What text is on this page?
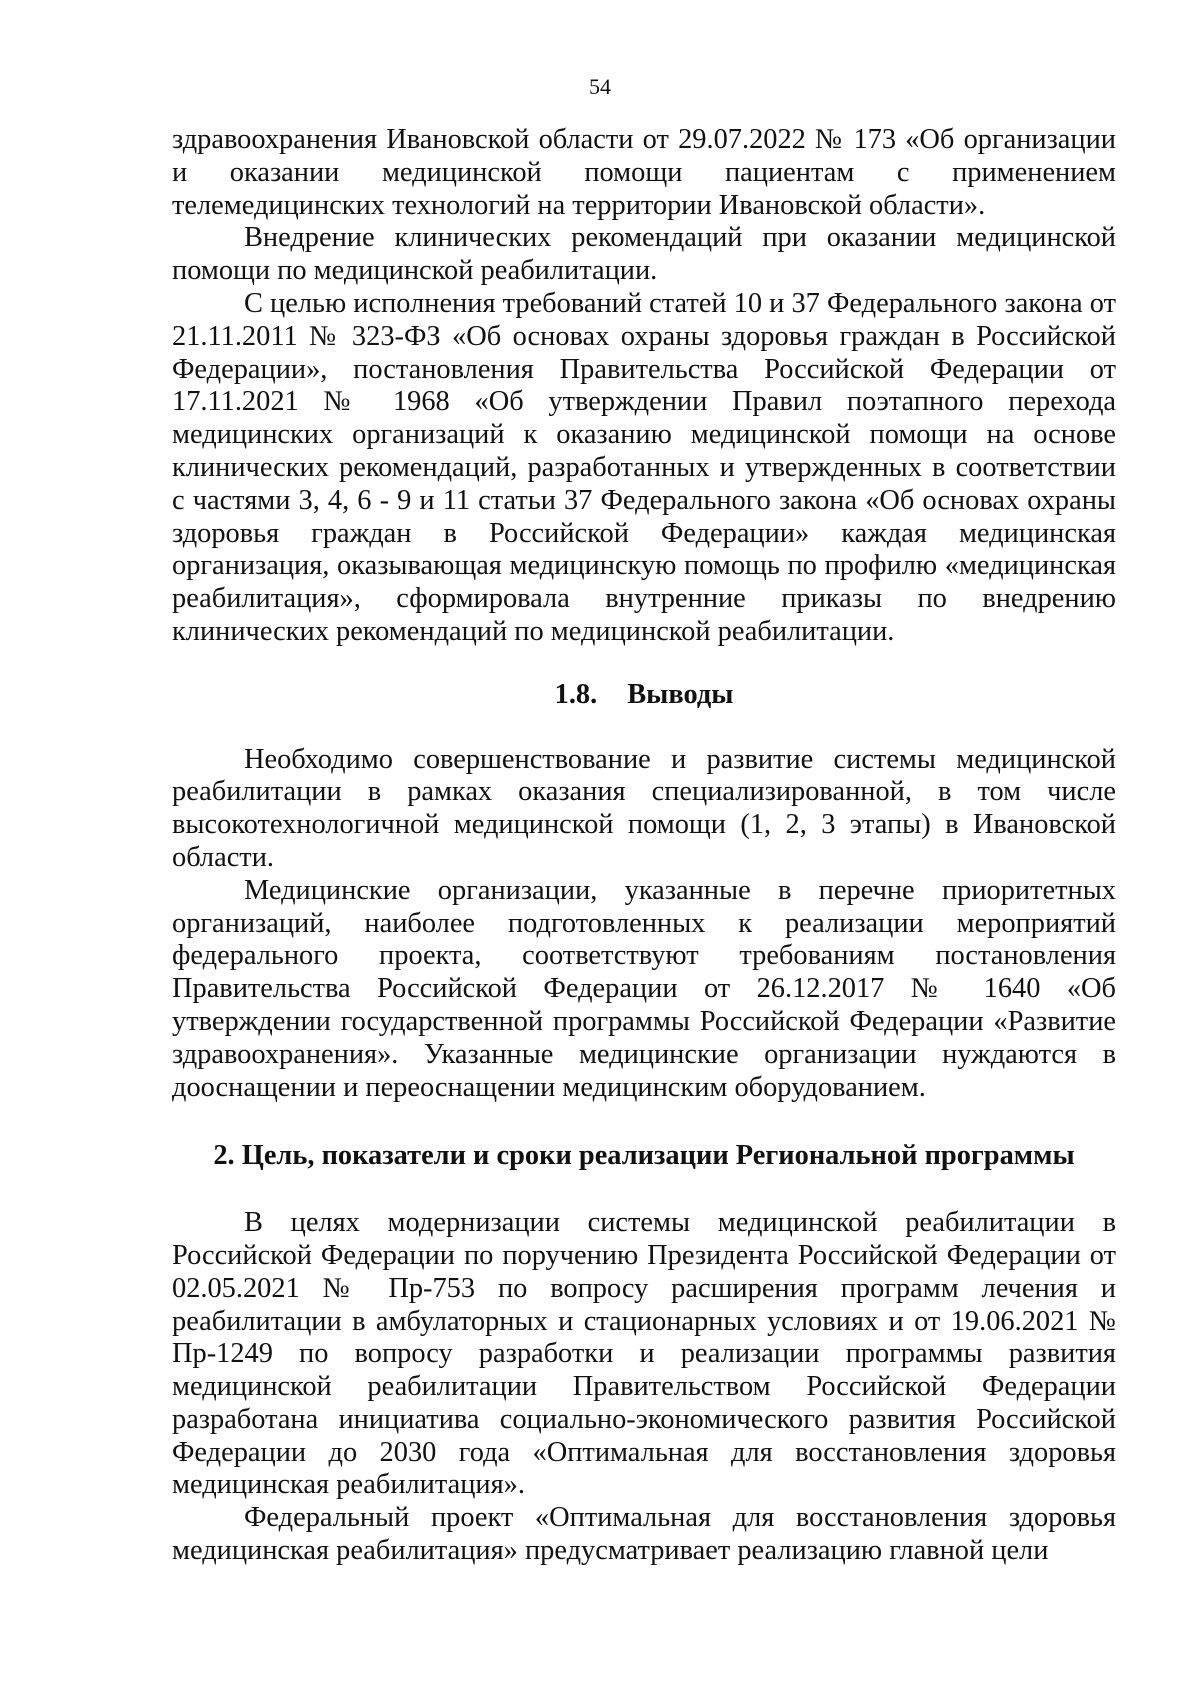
54

здравоохранения Ивановской области от 29.07.2022 № 173 «Об организации и оказании медицинской помощи пациентам с применением телемедицинских технологий на территории Ивановской области».

Внедрение клинических рекомендаций при оказании медицинской помощи по медицинской реабилитации.

С целью исполнения требований статей 10 и 37 Федерального закона от 21.11.2011 № 323-ФЗ «Об основах охраны здоровья граждан в Российской Федерации», постановления Правительства Российской Федерации от 17.11.2021 № 1968 «Об утверждении Правил поэтапного перехода медицинских организаций к оказанию медицинской помощи на основе клинических рекомендаций, разработанных и утвержденных в соответствии с частями 3, 4, 6 - 9 и 11 статьи 37 Федерального закона «Об основах охраны здоровья граждан в Российской Федерации» каждая медицинская организация, оказывающая медицинскую помощь по профилю «медицинская реабилитация», сформировала внутренние приказы по внедрению клинических рекомендаций по медицинской реабилитации.

1.8. Выводы

Необходимо совершенствование и развитие системы медицинской реабилитации в рамках оказания специализированной, в том числе высокотехнологичной медицинской помощи (1, 2, 3 этапы) в Ивановской области.

Медицинские организации, указанные в перечне приоритетных организаций, наиболее подготовленных к реализации мероприятий федерального проекта, соответствуют требованиям постановления Правительства Российской Федерации от 26.12.2017 № 1640 «Об утверждении государственной программы Российской Федерации «Развитие здравоохранения». Указанные медицинские организации нуждаются в дооснащении и переоснащении медицинским оборудованием.

2. Цель, показатели и сроки реализации Региональной программы

В целях модернизации системы медицинской реабилитации в Российской Федерации по поручению Президента Российской Федерации от 02.05.2021 № Пр-753 по вопросу расширения программ лечения и реабилитации в амбулаторных и стационарных условиях и от 19.06.2021 № Пр-1249 по вопросу разработки и реализации программы развития медицинской реабилитации Правительством Российской Федерации разработана инициатива социально-экономического развития Российской Федерации до 2030 года «Оптимальная для восстановления здоровья медицинская реабилитация».

Федеральный проект «Оптимальная для восстановления здоровья медицинская реабилитация» предусматривает реализацию главной цели
